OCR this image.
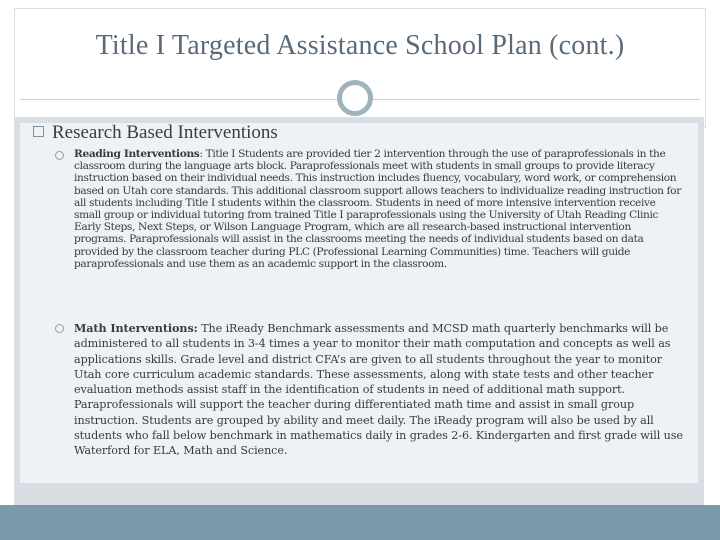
Title I Targeted Assistance School Plan (cont.)
Research Based Interventions
Reading Interventions: Title I Students are provided tier 2 intervention through the use of paraprofessionals in the classroom during the language arts block. Paraprofessionals meet with students in small groups to provide literacy instruction based on their individual needs. This instruction includes fluency, vocabulary, word work, or comprehension based on Utah core standards. This additional classroom support allows teachers to individualize reading instruction for all students including Title I students within the classroom. Students in need of more intensive intervention receive small group or individual tutoring from trained Title I paraprofessionals using the University of Utah Reading Clinic Early Steps, Next Steps, or Wilson Language Program, which are all research-based instructional intervention programs. Paraprofessionals will assist in the classrooms meeting the needs of individual students based on data provided by the classroom teacher during PLC (Professional Learning Communities) time. Teachers will guide paraprofessionals and use them as an academic support in the classroom.
Math Interventions: The iReady Benchmark assessments and MCSD math quarterly benchmarks will be administered to all students in 3-4 times a year to monitor their math computation and concepts as well as applications skills. Grade level and district CFA’s are given to all students throughout the year to monitor Utah core curriculum academic standards. These assessments, along with state tests and other teacher evaluation methods assist staff in the identification of students in need of additional math support. Paraprofessionals will support the teacher during differentiated math time and assist in small group instruction. Students are grouped by ability and meet daily. The iReady program will also be used by all students who fall below benchmark in mathematics daily in grades 2-6. Kindergarten and first grade will use Waterford for ELA, Math and Science.
